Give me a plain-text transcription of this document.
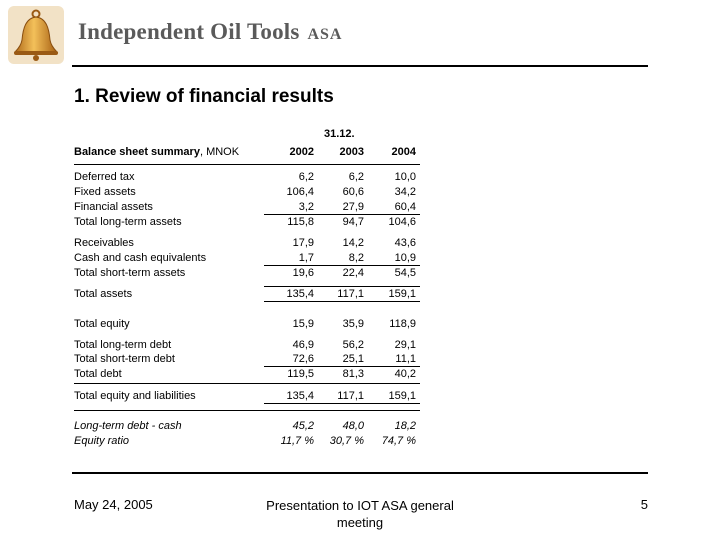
Independent Oil Tools ASA
1. Review of financial results
31.12.
Balance sheet summary, MNOK	2002	2003	2004
Deferred tax	6,2	6,2	10,0
Fixed assets	106,4	60,6	34,2
Financial assets	3,2	27,9	60,4
Total long-term assets	115,8	94,7	104,6
Receivables	17,9	14,2	43,6
Cash and cash equivalents	1,7	8,2	10,9
Total short-term assets	19,6	22,4	54,5
Total assets	135,4	117,1	159,1
Total equity	15,9	35,9	118,9
Total long-term debt	46,9	56,2	29,1
Total short-term debt	72,6	25,1	11,1
Total debt	119,5	81,3	40,2
Total equity and liabilities	135,4	117,1	159,1
Long-term debt - cash	45,2	48,0	18,2
Equity ratio	11,7 %	30,7 %	74,7 %
May 24, 2005	Presentation to IOT ASA general meeting
5
